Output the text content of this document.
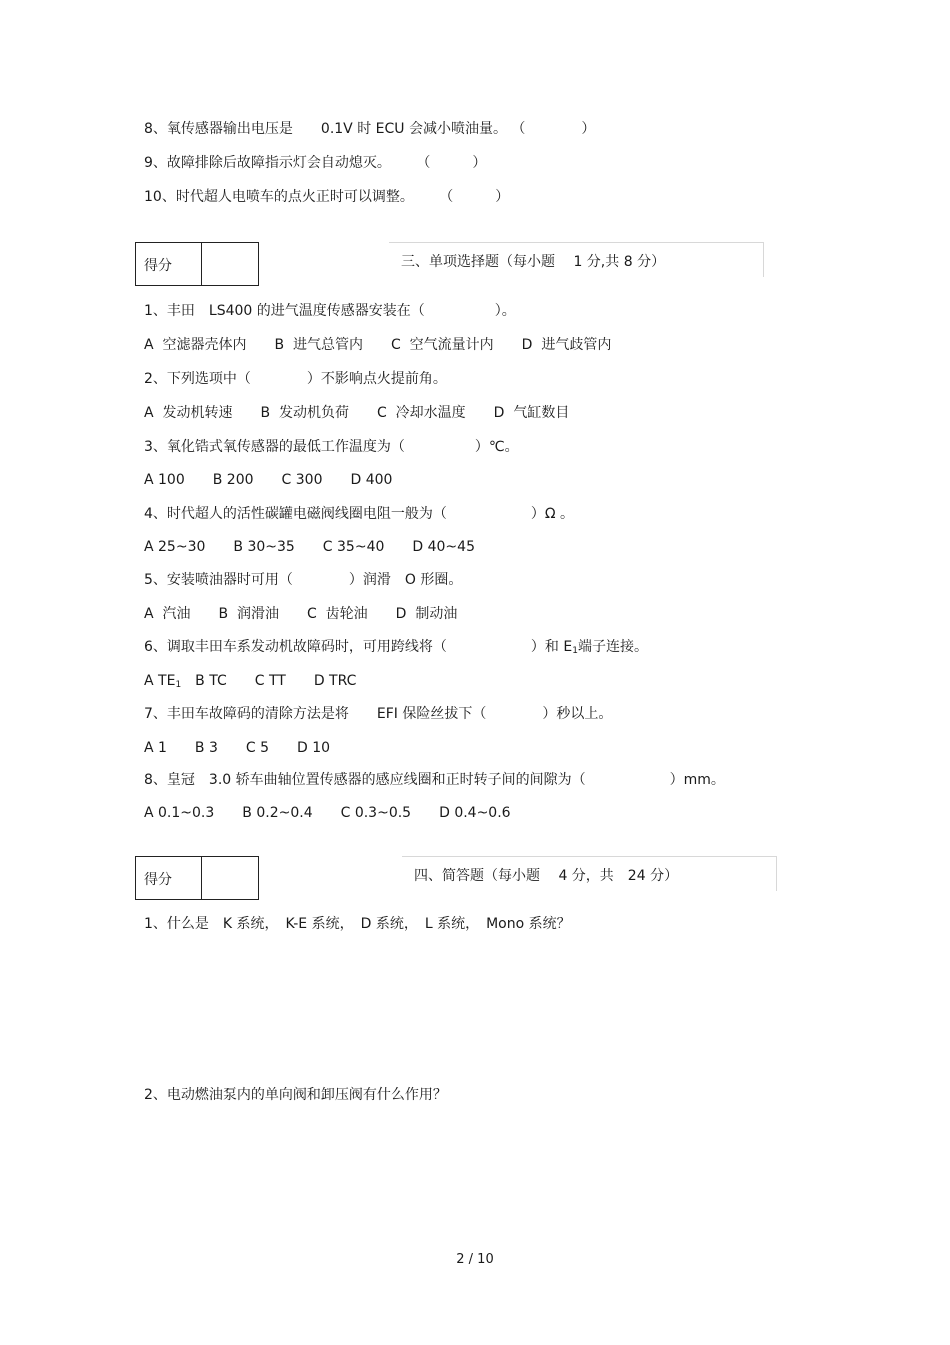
8、氧传感器输出电压是　　0.1V 时 ECU 会减小喷油量。 （　　　　）
9、故障排除后故障指示灯会自动熄灭。　　 （　　　）
10、时代超人电喷车的点火正时可以调整。　　 （　　　）
得分	三、单项选择题（每小题　 1 分,共 8 分）
1、丰田　LS400 的进气温度传感器安装在（　　　　　）。
A  空滤器壳体内　　B  进气总管内　　C  空气流量计内　　D  进气歧管内
2、下列选项中（　　　　）不影响点火提前角。
A  发动机转速　　B  发动机负荷　　C  冷却水温度　　D  气缸数目
3、氧化锆式氧传感器的最低工作温度为（　　　　　）℃。
A 100　　B 200　　C 300　　D 400
4、时代超人的活性碳罐电磁阀线圈电阻一般为（　　　　　　）Ω 。
A 25~30　　B 30~35　　C 35~40　　D 40~45
5、安装喷油器时可用（　　　　）润滑　O 形圈。
A  汽油　　B  润滑油　　C  齿轮油　　D  制动油
6、调取丰田车系发动机故障码时，可用跨线将（　　　　　　）和 $E_1$端子连接。
A $TE_1$　B TC　　C TT　　D TRC
7、丰田车故障码的清除方法是将　　EFI 保险丝拔下（　　　　）秒以上。
A 1　　B 3　　C 5　　D 10
8、皇冠　3.0 轿车曲轴位置传感器的感应线圈和正时转子间的间隙为（　　　　　　）mm。
A 0.1~0.3　　B 0.2~0.4　　C 0.3~0.5　　D 0.4~0.6
得分	四、简答题（每小题　 4 分，共　24 分）
1、什么是　K 系统，　K-E 系统，　D 系统，　L 系统，　Mono 系统？
2、电动燃油泵内的单向阀和卸压阀有什么作用？
2 / 10
